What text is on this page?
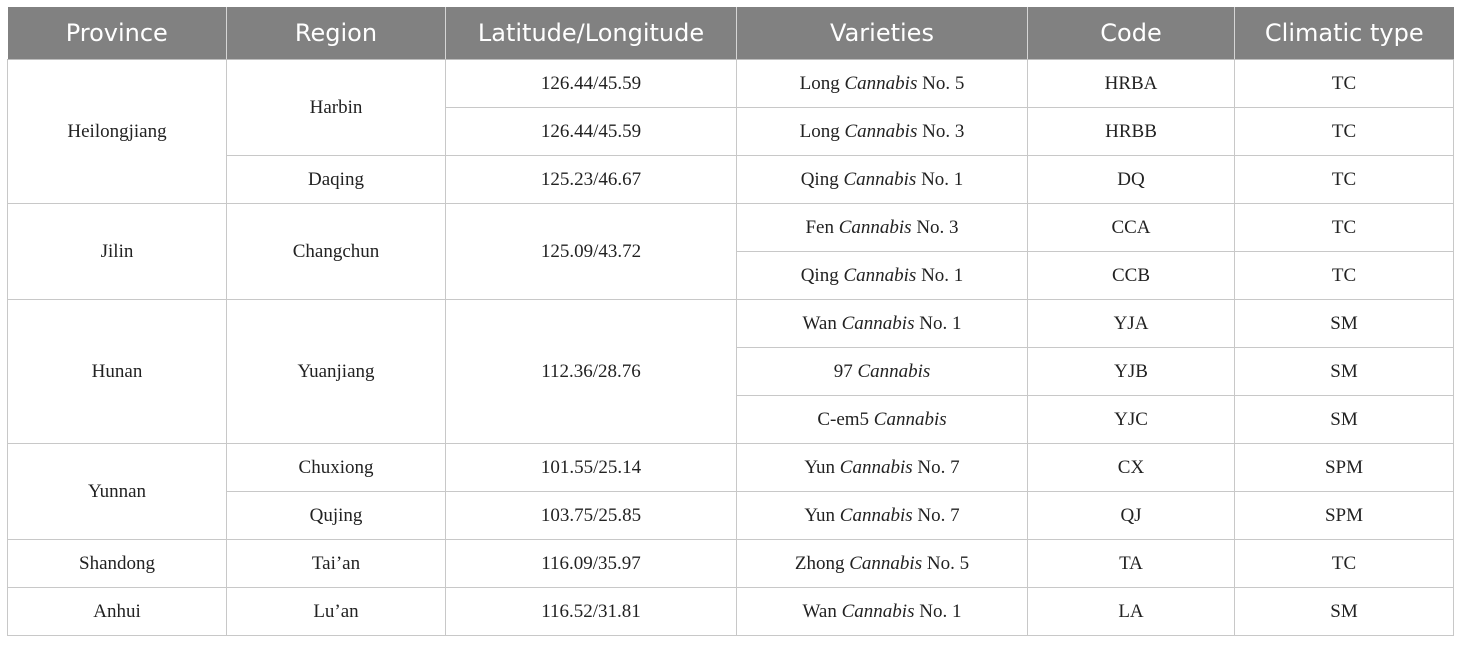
Province	Region	Latitude/Longitude	Varieties	Code	Climatic type
Heilongjiang	Harbin	126.44/45.59	Long Cannabis No. 5	HRBA	TC
		126.44/45.59	Long Cannabis No. 3	HRBB	TC
	Daqing	125.23/46.67	Qing Cannabis No. 1	DQ	TC
Jilin	Changchun	125.09/43.72	Fen Cannabis No. 3	CCA	TC
			Qing Cannabis No. 1	CCB	TC
Hunan	Yuanjiang	112.36/28.76	Wan Cannabis No. 1	YJA	SM
			97 Cannabis	YJB	SM
			C-em5 Cannabis	YJC	SM
Yunnan	Chuxiong	101.55/25.14	Yun Cannabis No. 7	CX	SPM
	Qujing	103.75/25.85	Yun Cannabis No. 7	QJ	SPM
Shandong	Tai’an	116.09/35.97	Zhong Cannabis No. 5	TA	TC
Anhui	Lu’an	116.52/31.81	Wan Cannabis No. 1	LA	SM
